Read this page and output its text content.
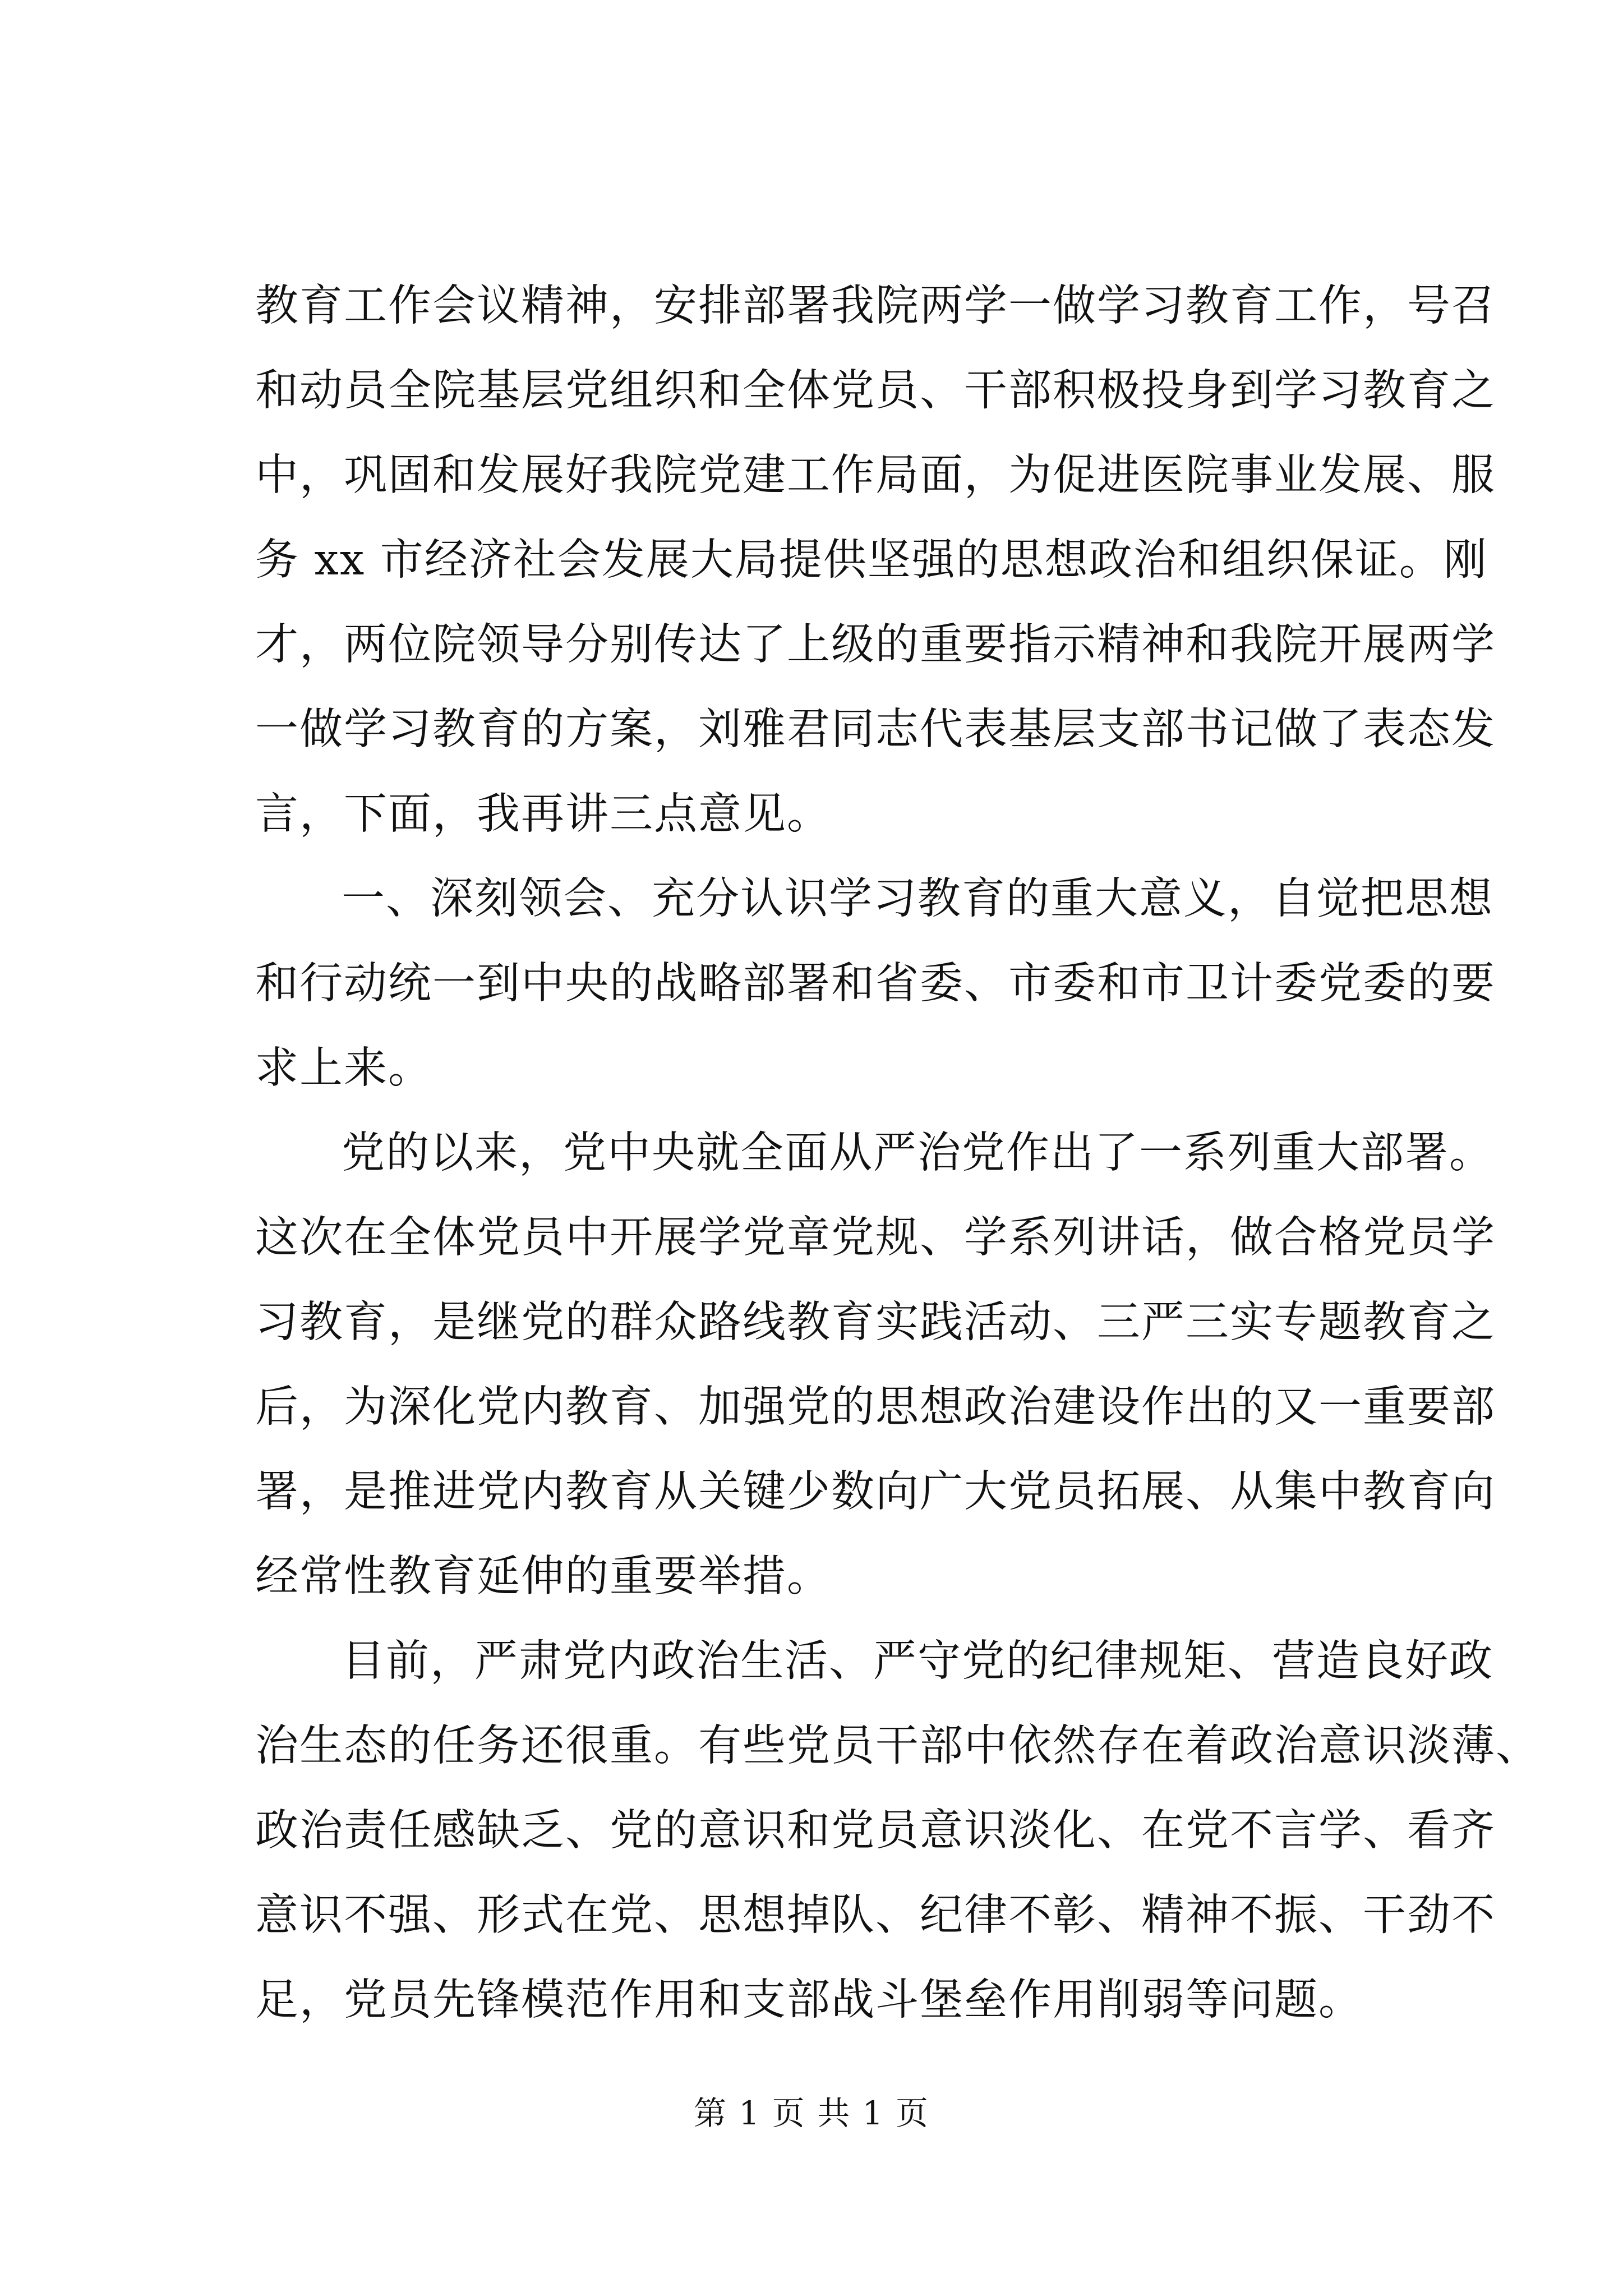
教育工作会议精神，安排部署我院两学一做学习教育工作，号召
和动员全院基层党组织和全体党员、干部积极投身到学习教育之
中，巩固和发展好我院党建工作局面，为促进医院事业发展、服
务 xx 市经济社会发展大局提供坚强的思想政治和组织保证。刚
才，两位院领导分别传达了上级的重要指示精神和我院开展两学
一做学习教育的方案，刘雅君同志代表基层支部书记做了表态发
言，下面，我再讲三点意见。
一、深刻领会、充分认识学习教育的重大意义，自觉把思想
和行动统一到中央的战略部署和省委、市委和市卫计委党委的要
求上来。
党的以来，党中央就全面从严治党作出了一系列重大部署。
这次在全体党员中开展学党章党规、学系列讲话，做合格党员学
习教育，是继党的群众路线教育实践活动、三严三实专题教育之
后，为深化党内教育、加强党的思想政治建设作出的又一重要部
署，是推进党内教育从关键少数向广大党员拓展、从集中教育向
经常性教育延伸的重要举措。
目前，严肃党内政治生活、严守党的纪律规矩、营造良好政
治生态的任务还很重。有些党员干部中依然存在着政治意识淡薄、
政治责任感缺乏、党的意识和党员意识淡化、在党不言学、看齐
意识不强、形式在党、思想掉队、纪律不彰、精神不振、干劲不
足，党员先锋模范作用和支部战斗堡垒作用削弱等问题。
第 1 页 共 1 页
